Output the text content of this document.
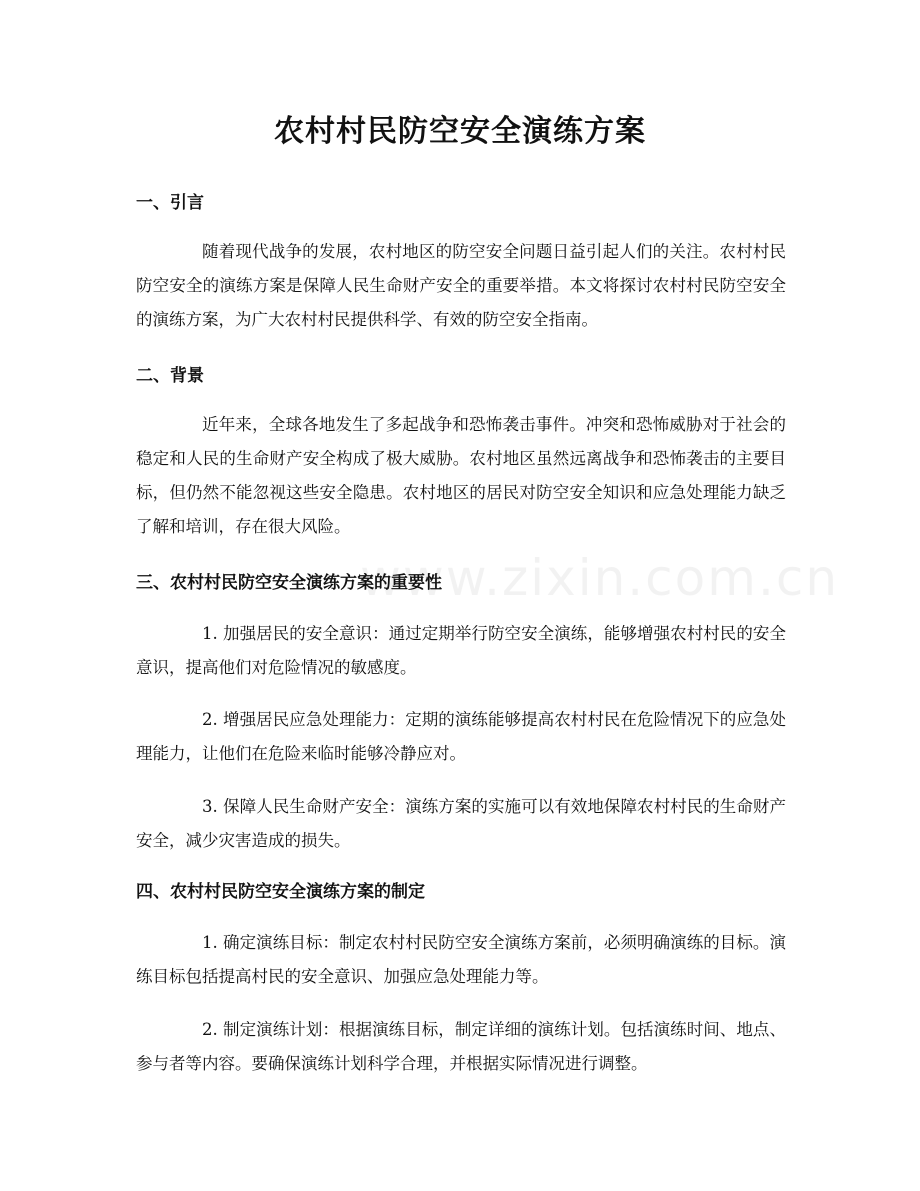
www.zixin.com.cn
农村村民防空安全演练方案
一、引言

随着现代战争的发展，农村地区的防空安全问题日益引起人们的关注。农村村民防空安全的演练方案是保障人民生命财产安全的重要举措。本文将探讨农村村民防空安全的演练方案，为广大农村村民提供科学、有效的防空安全指南。

二、背景

近年来，全球各地发生了多起战争和恐怖袭击事件。冲突和恐怖威胁对于社会的稳定和人民的生命财产安全构成了极大威胁。农村地区虽然远离战争和恐怖袭击的主要目标，但仍然不能忽视这些安全隐患。农村地区的居民对防空安全知识和应急处理能力缺乏了解和培训，存在很大风险。

三、农村村民防空安全演练方案的重要性

1. 加强居民的安全意识：通过定期举行防空安全演练，能够增强农村村民的安全意识，提高他们对危险情况的敏感度。

2. 增强居民应急处理能力：定期的演练能够提高农村村民在危险情况下的应急处理能力，让他们在危险来临时能够冷静应对。

3. 保障人民生命财产安全：演练方案的实施可以有效地保障农村村民的生命财产安全，减少灾害造成的损失。

四、农村村民防空安全演练方案的制定

1. 确定演练目标：制定农村村民防空安全演练方案前，必须明确演练的目标。演练目标包括提高村民的安全意识、加强应急处理能力等。

2. 制定演练计划：根据演练目标，制定详细的演练计划。包括演练时间、地点、参与者等内容。要确保演练计划科学合理，并根据实际情况进行调整。
